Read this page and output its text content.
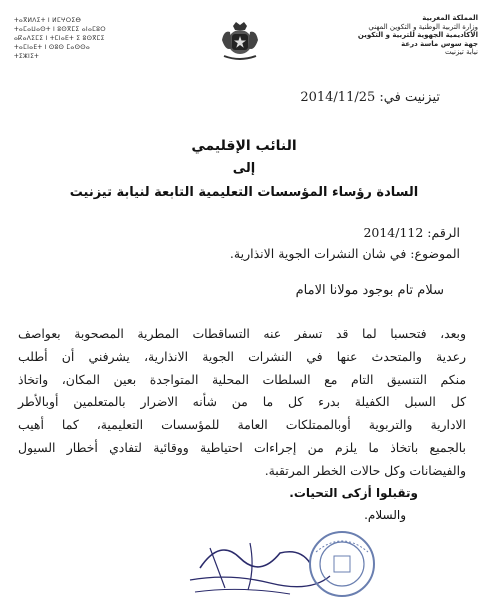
ⵜⴰⴳⵍⴷⵉⵜ ⵏ ⵍⵎⵖⵔⵉⴱ
ⵜⴰⵎⴰⵡⴰⵙⵜ ⵏ ⵓⵙⴳⵎⵉ ⴰⵏⴰⵎⵓⵔ
ⴰⴽⴰⴷⵉⵎⵉ ⵏ ⵜⵎⵏⴰⴹⵜ ⵉ ⵓⵙⴳⵎⵉ
ⵜⴰⵎⵏⴰⴹⵜ ⵏ ⵙⵓⵙ ⵎⴰⵙⵙⴰ
ⵜⵉⵣⵏⵉⵜ
المملكة المغربية
وزارة التربية الوطنية و التكوين المهني
الأكاديمية الجهوية للتربية و التكوين
جهة سوس ماسة درعة
نيابة تيزنيت
تيزنيت في: 2014/11/25
النائب الإقليمي
إلى
السادة رؤساء المؤسسات التعليمية التابعة لنيابة تيزنيت
الرقم: 2014/112
الموضوع: في شان النشرات الجوية الانذارية.
سلام تام بوجود مولانا الامام
وبعد، فتحسبا لما قد تسفر عنه التساقطات المطرية المصحوبة بعواصف
رعدية والمتحدث عنها في النشرات الجوية الانذارية، يشرفني أن أطلب
منكم التنسيق التام مع السلطات المحلية المتواجدة بعين المكان، واتخاذ
كل السبل الكفيلة بدرء كل ما من شأنه الاضرار بالمتعلمين أوبالأطر
الادارية والتربوية أوبالممتلكات العامة للمؤسسات التعليمية، كما أهيب
بالجميع باتخاذ ما يلزم من إجراءات احتياطية ووقائية لتفادي أخطار السيول
والفيضانات وكل حالات الخطر المرتقبة.
وتقبلوا أزكى التحيات.
والسلام.
